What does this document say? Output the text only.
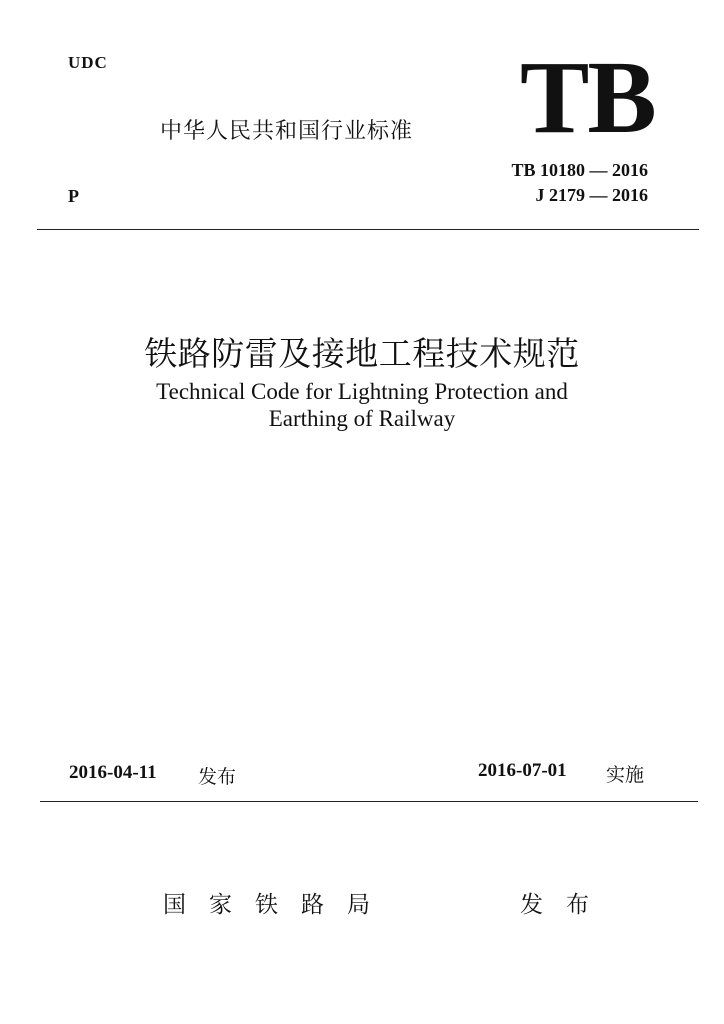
UDC
中华人民共和国行业标准 TB
TB 10180 — 2016
J 2179 — 2016
P
铁路防雷及接地工程技术规范
Technical Code for Lightning Protection and
Earthing of Railway
2016-04-11 发布	2016-07-01 实施
国家铁路局	发布
